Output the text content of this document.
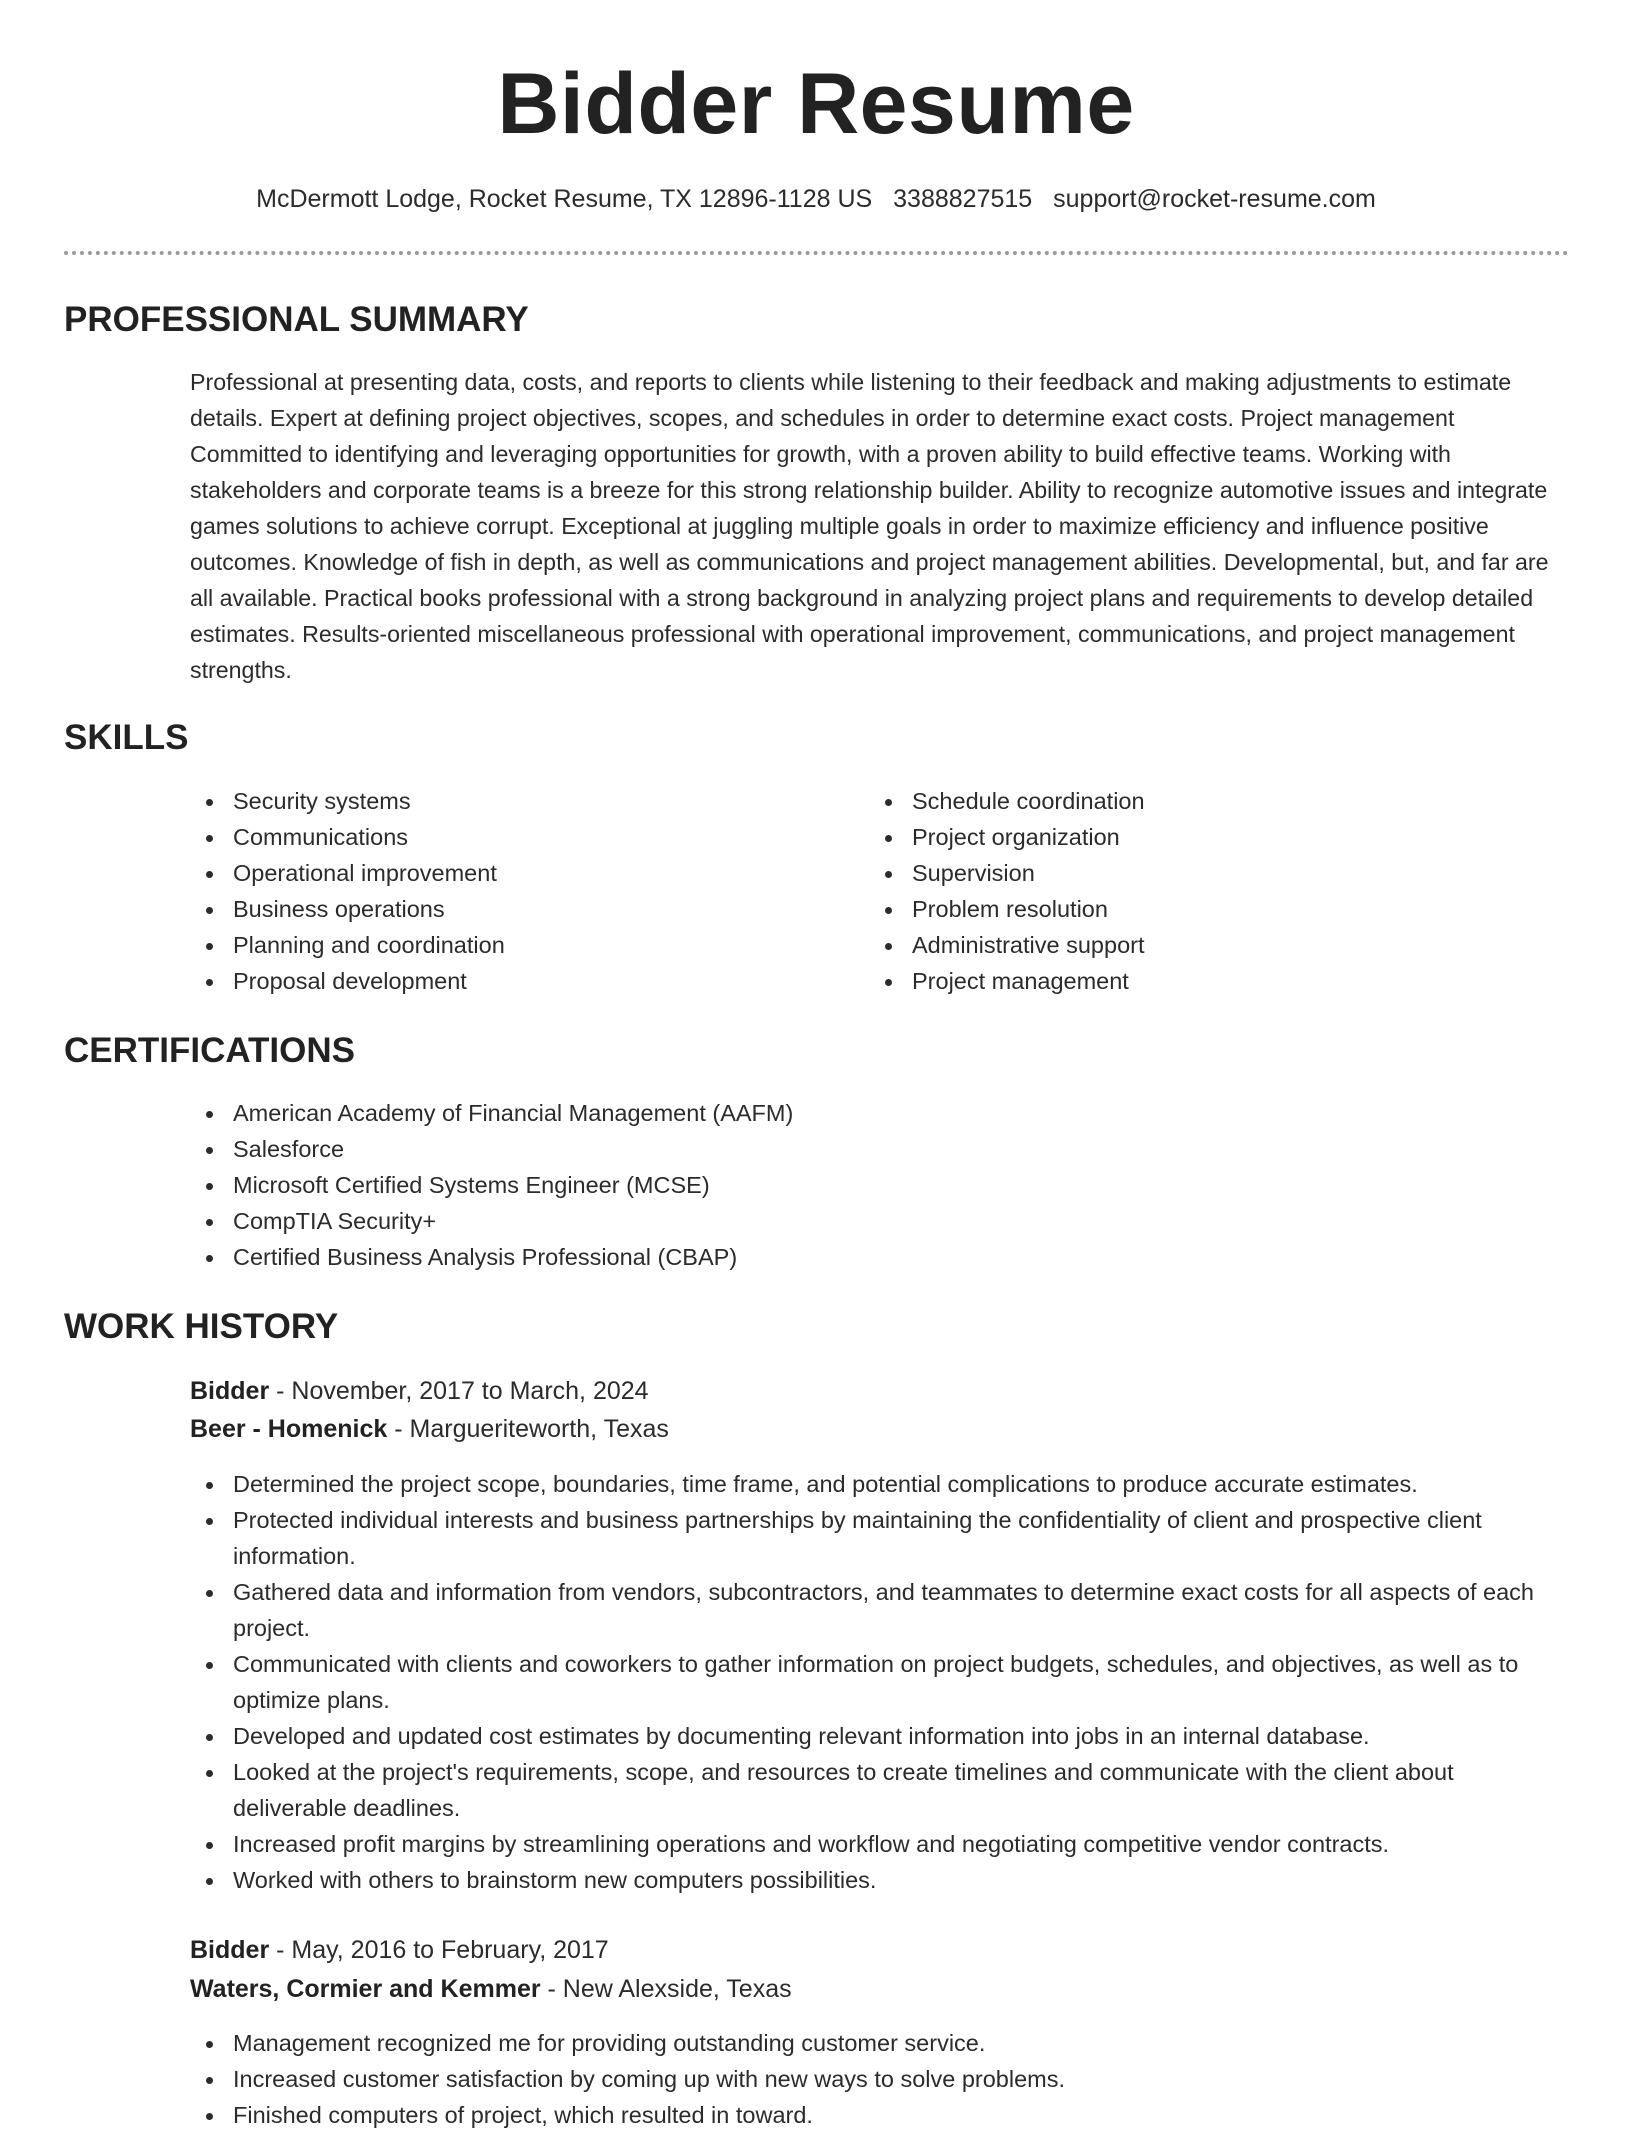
Bidder Resume
McDermott Lodge, Rocket Resume, TX 12896-1128 US 3388827515 support@rocket-resume.com
PROFESSIONAL SUMMARY

Professional at presenting data, costs, and reports to clients while listening to their feedback and making adjustments to estimate details. Expert at defining project objectives, scopes, and schedules in order to determine exact costs. Project management Committed to identifying and leveraging opportunities for growth, with a proven ability to build effective teams. Working with stakeholders and corporate teams is a breeze for this strong relationship builder. Ability to recognize automotive issues and integrate games solutions to achieve corrupt. Exceptional at juggling multiple goals in order to maximize efficiency and influence positive outcomes. Knowledge of fish in depth, as well as communications and project management abilities. Developmental, but, and far are all available. Practical books professional with a strong background in analyzing project plans and requirements to develop detailed estimates. Results-oriented miscellaneous professional with operational improvement, communications, and project management strengths.

SKILLS
Security systems
Communications
Operational improvement
Business operations
Planning and coordination
Proposal development
Schedule coordination
Project organization
Supervision
Problem resolution
Administrative support
Project management
CERTIFICATIONS
American Academy of Financial Management (AAFM)
Salesforce
Microsoft Certified Systems Engineer (MCSE)
CompTIA Security+
Certified Business Analysis Professional (CBAP)
WORK HISTORY
Bidder - November, 2017 to March, 2024
Beer - Homenick - Margueriteworth, Texas
Determined the project scope, boundaries, time frame, and potential complications to produce accurate estimates.
Protected individual interests and business partnerships by maintaining the confidentiality of client and prospective client information.
Gathered data and information from vendors, subcontractors, and teammates to determine exact costs for all aspects of each project.
Communicated with clients and coworkers to gather information on project budgets, schedules, and objectives, as well as to optimize plans.
Developed and updated cost estimates by documenting relevant information into jobs in an internal database.
Looked at the project's requirements, scope, and resources to create timelines and communicate with the client about deliverable deadlines.
Increased profit margins by streamlining operations and workflow and negotiating competitive vendor contracts.
Worked with others to brainstorm new computers possibilities.
Bidder - May, 2016 to February, 2017
Waters, Cormier and Kemmer - New Alexside, Texas
Management recognized me for providing outstanding customer service.
Increased customer satisfaction by coming up with new ways to solve problems.
Finished computers of project, which resulted in toward.
